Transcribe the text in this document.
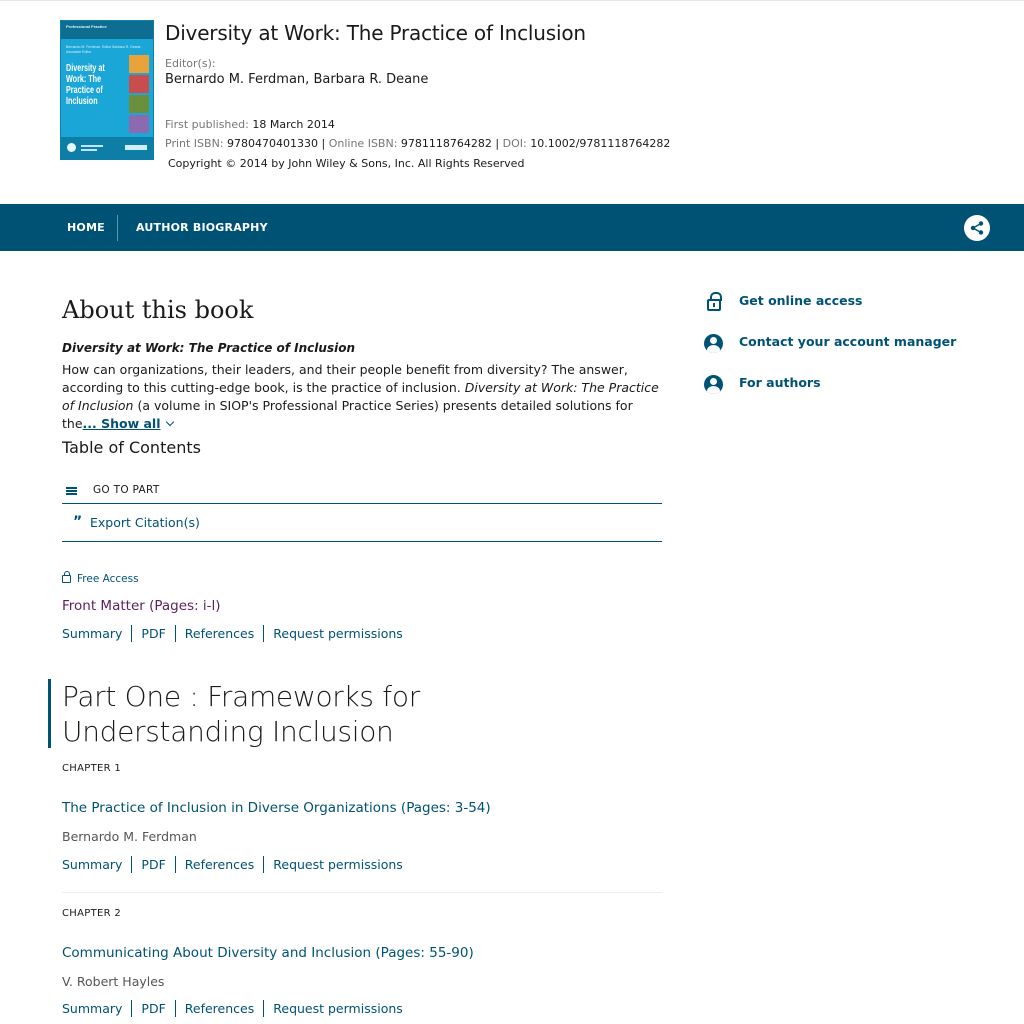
Professional Practice
Bernardo M. Ferdman, Editor Barbara R. Deane, Associate Editor
Diversity at Work: The Practice of Inclusion
Diversity at Work: The Practice of Inclusion
Editor(s):
Bernardo M. Ferdman, Barbara R. Deane
First published: 18 March 2014
Print ISBN: 9780470401330 | Online ISBN: 9781118764282 | DOI: 10.1002/9781118764282
Copyright © 2014 by John Wiley & Sons, Inc. All Rights Reserved
HOME	AUTHOR BIOGRAPHY
About this book
Diversity at Work: The Practice of Inclusion
How can organizations, their leaders, and their people benefit from diversity? The answer, according to this cutting-edge book, is the practice of inclusion. Diversity at Work: The Practice of Inclusion (a volume in SIOP's Professional Practice Series) presents detailed solutions for the... Show all
Table of Contents
GO TO PART
” Export Citation(s)
Free Access
Front Matter (Pages: i-l)
Summary PDF References Request permissions
Part One : Frameworks for Understanding Inclusion
CHAPTER 1
The Practice of Inclusion in Diverse Organizations (Pages: 3-54)
Bernardo M. Ferdman
Summary PDF References Request permissions
CHAPTER 2
Communicating About Diversity and Inclusion (Pages: 55-90)
V. Robert Hayles
Summary PDF References Request permissions
Get online access
Contact your account manager
For authors
